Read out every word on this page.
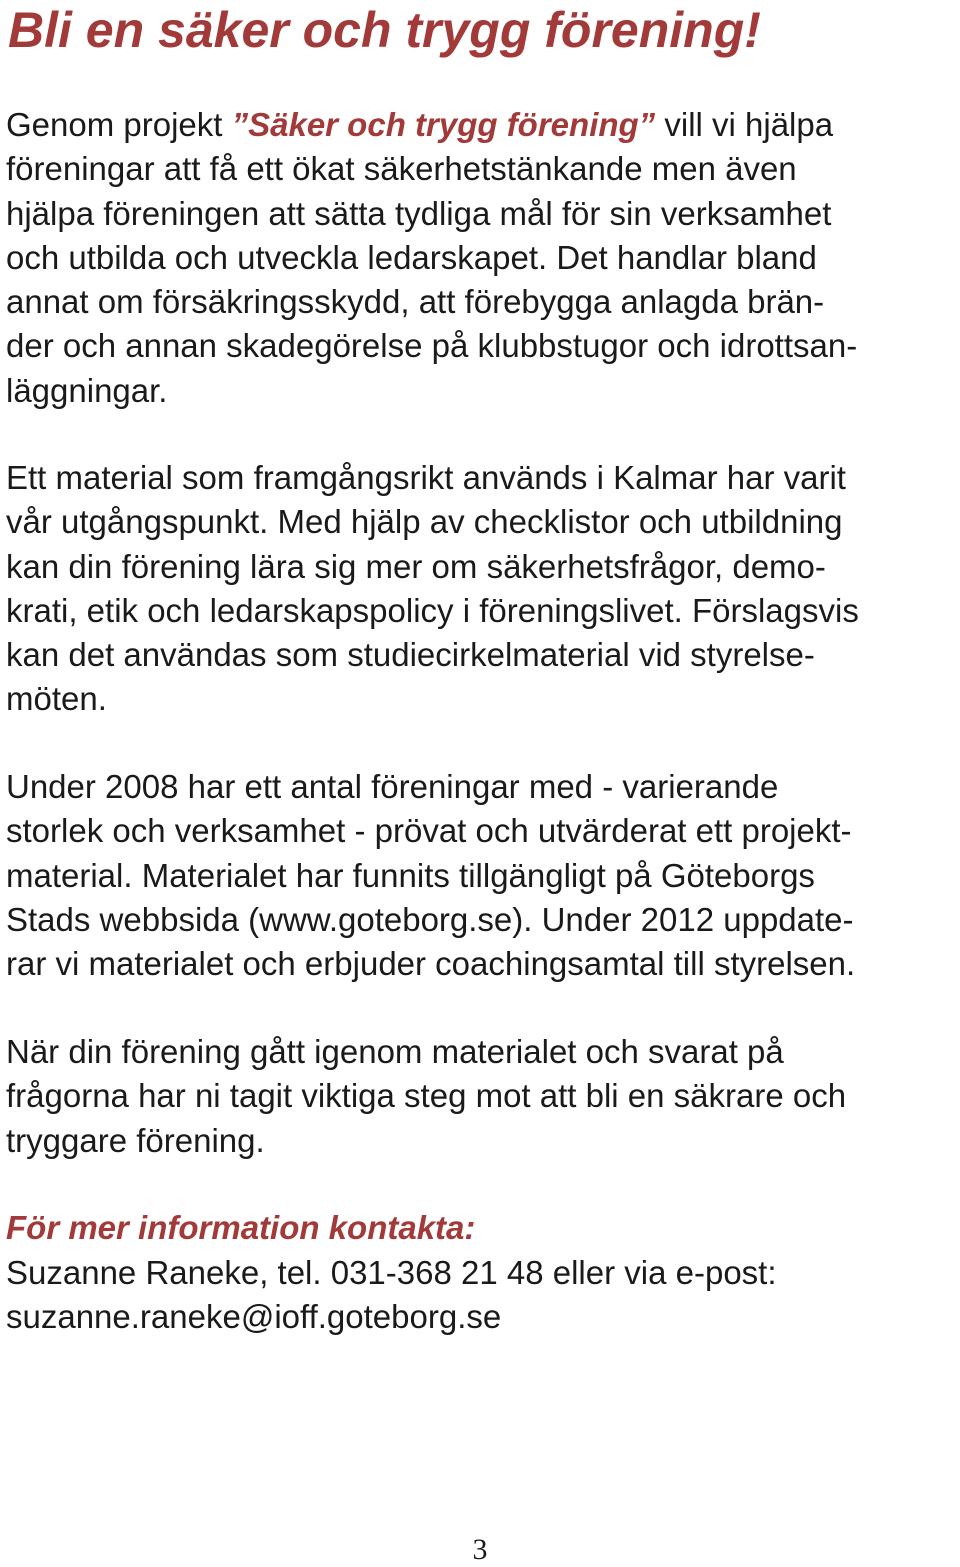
Bli en säker och trygg förening!

Genom projekt ”Säker och trygg förening” vill vi hjälpa
föreningar att få ett ökat säkerhetstänkande men även
hjälpa föreningen att sätta tydliga mål för sin verksamhet
och utbilda och utveckla ledarskapet. Det handlar bland
annat om försäkringsskydd, att förebygga anlagda brän-
der och annan skadegörelse på klubbstugor och idrottsan-
läggningar.

Ett material som framgångsrikt används i Kalmar har varit
vår utgångspunkt. Med hjälp av checklistor och utbildning
kan din förening lära sig mer om säkerhetsfrågor, demo-
krati, etik och ledarskapspolicy i föreningslivet. Förslagsvis
kan det användas som studiecirkelmaterial vid styrelse-
möten.

Under 2008 har ett antal föreningar med - varierande
storlek och verksamhet - prövat och utvärderat ett projekt-
material. Materialet har funnits tillgängligt på Göteborgs
Stads webbsida (www.goteborg.se). Under 2012 uppdate-
rar vi materialet och erbjuder coachingsamtal till styrelsen.

När din förening gått igenom materialet och svarat på
frågorna har ni tagit viktiga steg mot att bli en säkrare och
tryggare förening.

För mer information kontakta:

Suzanne Raneke, tel. 031-368 21 48 eller via e-post:
suzanne.raneke@ioff.goteborg.se

3
